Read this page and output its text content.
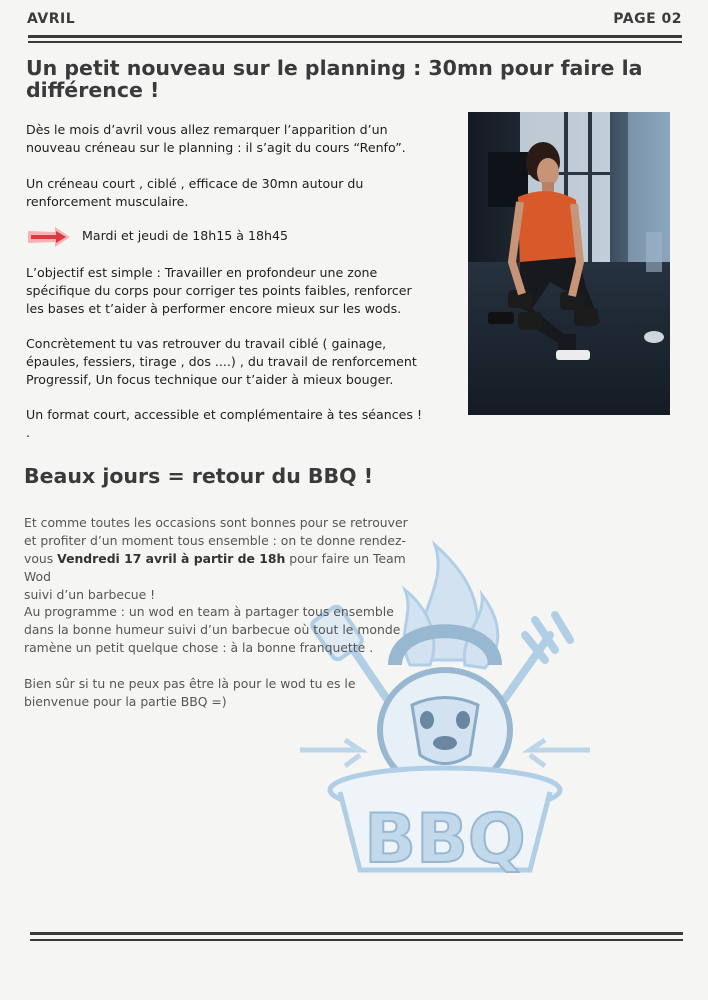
AVRIL	PAGE 02
Un petit nouveau sur le planning : 30mn pour faire la différence !

Dès le mois d’avril vous allez remarquer l’apparition d’un
nouveau créneau sur le planning : il s’agit du cours “Renfo”.

Un créneau court , ciblé , efficace de 30mn autour du
renforcement musculaire.

Mardi et jeudi de 18h15 à 18h45

L’objectif est simple : Travailler en profondeur une zone
spécifique du corps pour corriger tes points faibles, renforcer
les bases et t’aider à performer encore mieux sur les wods.

Concrètement tu vas retrouver du travail ciblé ( gainage,
épaules, fessiers, tirage , dos ....) , du travail de renforcement
Progressif, Un focus technique our t’aider à mieux bouger.

Un format court, accessible et complémentaire à tes séances !
.

Beaux jours = retour du BBQ !

Et comme toutes les occasions sont bonnes pour se retrouver
et profiter d’un moment tous ensemble : on te donne rendez-
vous Vendredi 17 avril à partir de 18h pour faire un Team Wod
suivi d’un barbecue !

Au programme : un wod en team à partager tous ensemble
dans la bonne humeur suivi d’un barbecue où tout le monde
ramène un petit quelque chose : à la bonne franquette .

Bien sûr si tu ne peux pas être là pour le wod tu es le
bienvenue pour la partie BBQ =)

BBQ
